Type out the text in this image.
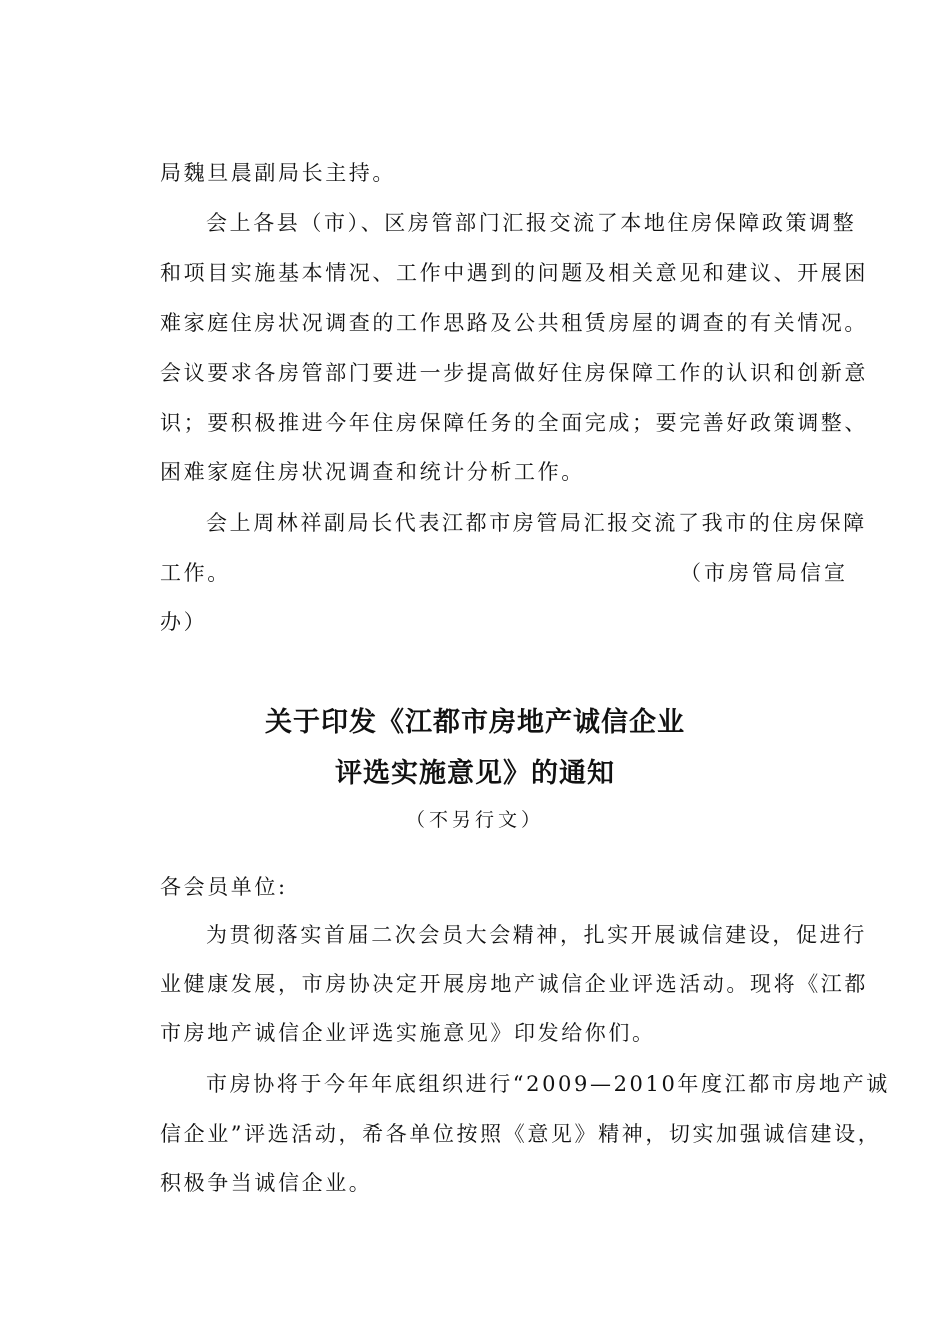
局魏旦晨副局长主持。
会上各县（市）、区房管部门汇报交流了本地住房保障政策调整
和项目实施基本情况、工作中遇到的问题及相关意见和建议、开展困
难家庭住房状况调查的工作思路及公共租赁房屋的调查的有关情况。
会议要求各房管部门要进一步提高做好住房保障工作的认识和创新意
识；要积极推进今年住房保障任务的全面完成；要完善好政策调整、
困难家庭住房状况调查和统计分析工作。
会上周林祥副局长代表江都市房管局汇报交流了我市的住房保障
工作。	（市房管局信宣
办）
关于印发《江都市房地产诚信企业
评选实施意见》的通知
（不另行文）
各会员单位:
为贯彻落实首届二次会员大会精神，扎实开展诚信建设，促进行
业健康发展，市房协决定开展房地产诚信企业评选活动。现将《江都
市房地产诚信企业评选实施意见》印发给你们。
市房协将于今年年底组织进行“2009—2010年度江都市房地产诚
信企业”评选活动，希各单位按照《意见》精神，切实加强诚信建设，
积极争当诚信企业。
